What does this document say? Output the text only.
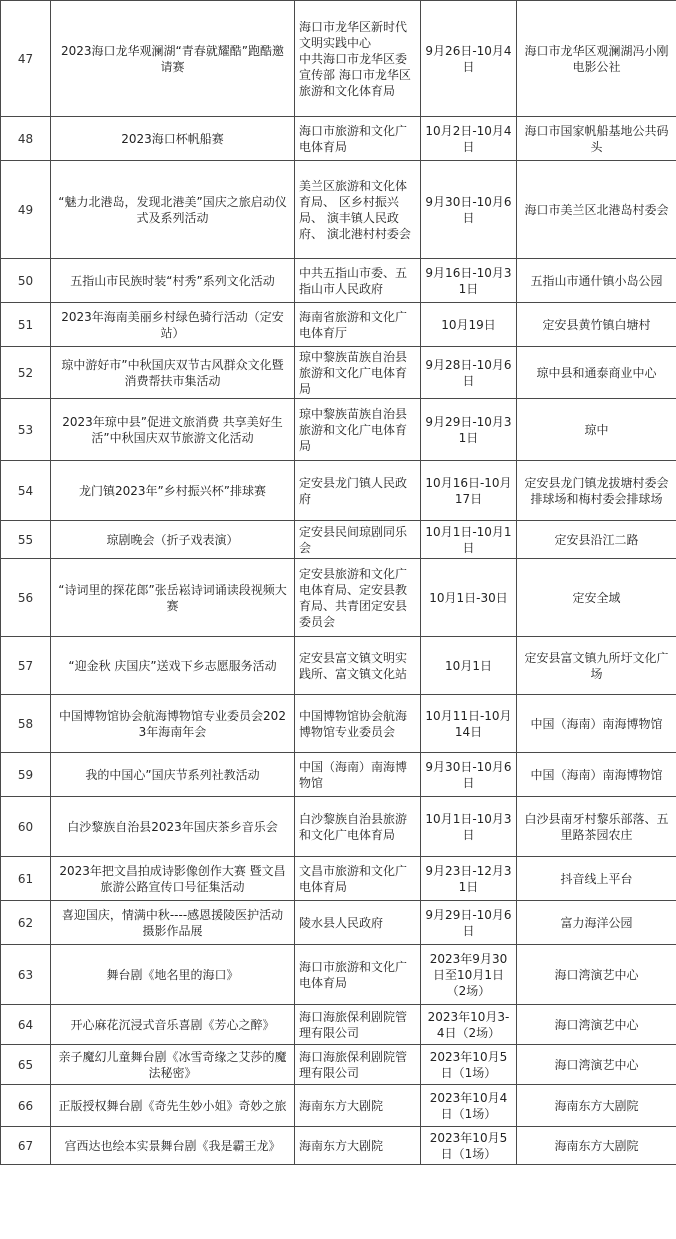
47	2023海口龙华观澜湖“青春就耀酷”跑酷邀请赛	海口市龙华区新时代文明实践中心　　　　中共海口市龙华区委宣传部 海口市龙华区旅游和文化体育局	9月26日-10月4日	海口市龙华区观澜湖冯小刚电影公社
48	2023海口杯帆船赛	海口市旅游和文化广电体育局	10月2日-10月4日	海口市国家帆船基地公共码头
49	“魅力北港岛，发现北港美”国庆之旅启动仪式及系列活动	美兰区旅游和文化体育局、 区乡村振兴局、 演丰镇人民政府、 演北港村村委会	9月30日-10月6日	海口市美兰区北港岛村委会
50	五指山市民族时装“村秀”系列文化活动	中共五指山市委、五指山市人民政府	9月16日-10月31日	五指山市通什镇小岛公园
51	2023年海南美丽乡村绿色骑行活动（定安站）	海南省旅游和文化广电体育厅	10月19日	定安县黄竹镇白塘村
52	琼中游好市”中秋国庆双节古风群众文化暨消费帮扶市集活动	琼中黎族苗族自治县旅游和文化广电体育局	9月28日-10月6日	琼中县和通泰商业中心
53	2023年琼中县”促进文旅消费 共享美好生活”中秋国庆双节旅游文化活动	琼中黎族苗族自治县旅游和文化广电体育局	9月29日-10月31日	琼中
54	龙门镇2023年”乡村振兴杯”排球赛	定安县龙门镇人民政府	10月16日-10月17日	定安县龙门镇龙拔塘村委会排球场和梅村委会排球场
55	琼剧晚会（折子戏表演）	定安县民间琼剧同乐会	10月1日-10月1日	定安县沿江二路
56	“诗词里的探花郎”张岳崧诗词诵读段视频大赛	定安县旅游和文化广电体育局、定安县教育局、共青团定安县委员会	10月1日-30日	定安全域
57	“迎金秋 庆国庆”送戏下乡志愿服务活动	定安县富文镇文明实践所、富文镇文化站	10月1日	定安县富文镇九所圩文化广场
58	中国博物馆协会航海博物馆专业委员会2023年海南年会	中国博物馆协会航海博物馆专业委员会	10月11日-10月14日	中国（海南）南海博物馆
59	我的中国心”国庆节系列社教活动	中国（海南）南海博物馆	9月30日-10月6日	中国（海南）南海博物馆
60	白沙黎族自治县2023年国庆茶乡音乐会	白沙黎族自治县旅游和文化广电体育局	10月1日-10月3日	白沙县南牙村黎乐部落、五里路茶园农庄
61	2023年把文昌拍成诗影像创作大赛 暨文昌旅游公路宣传口号征集活动	文昌市旅游和文化广电体育局	9月23日-12月31日	抖音线上平台
62	喜迎国庆，情满中秋----感恩援陵医护活动摄影作品展	陵水县人民政府	9月29日-10月6日	富力海洋公园
63	舞台剧《地名里的海口》	海口市旅游和文化广电体育局	2023年9月30日至10月1日（2场）	海口湾演艺中心
64	开心麻花沉浸式音乐喜剧《芳心之醉》	海口海旅保利剧院管理有限公司	2023年10月3-4日（2场）	海口湾演艺中心
65	亲子魔幻儿童舞台剧《冰雪奇缘之艾莎的魔法秘密》	海口海旅保利剧院管理有限公司	2023年10月5日（1场）	海口湾演艺中心
66	正版授权舞台剧《奇先生妙小姐》奇妙之旅	海南东方大剧院	2023年10月4日（1场）	海南东方大剧院
67	宫西达也绘本实景舞台剧《我是霸王龙》	海南东方大剧院	2023年10月5日（1场）	海南东方大剧院
